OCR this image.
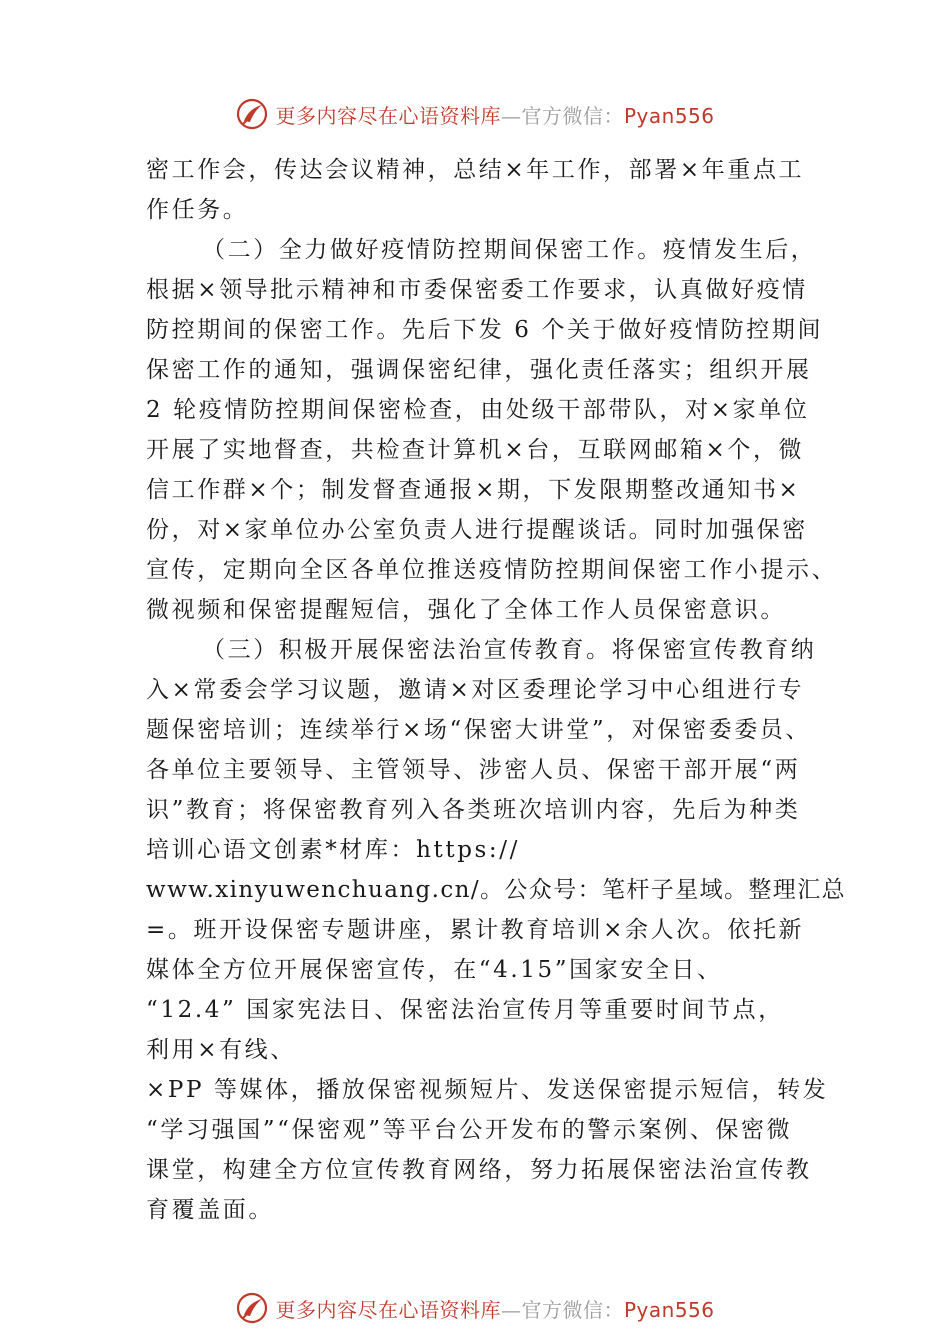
更多内容尽在心语资料库—官方微信：Pyan556
密工作会，传达会议精神，总结×年工作，部署×年重点工
作任务。
（二）全力做好疫情防控期间保密工作。疫情发生后，
根据×领导批示精神和市委保密委工作要求，认真做好疫情
防控期间的保密工作。先后下发 6 个关于做好疫情防控期间
保密工作的通知，强调保密纪律，强化责任落实；组织开展
2 轮疫情防控期间保密检查，由处级干部带队，对×家单位
开展了实地督查，共检查计算机×台，互联网邮箱×个，微
信工作群×个；制发督查通报×期，下发限期整改通知书×
份，对×家单位办公室负责人进行提醒谈话。同时加强保密
宣传，定期向全区各单位推送疫情防控期间保密工作小提示、
微视频和保密提醒短信，强化了全体工作人员保密意识。
（三）积极开展保密法治宣传教育。将保密宣传教育纳
入×常委会学习议题，邀请×对区委理论学习中心组进行专
题保密培训；连续举行×场“保密大讲堂”，对保密委委员、
各单位主要领导、主管领导、涉密人员、保密干部开展“两
识”教育；将保密教育列入各类班次培训内容，先后为种类
培训心语文创素*材库：https://
www.xinyuwenchuang.cn/。公众号：笔杆子星域。整理汇总
=。班开设保密专题讲座，累计教育培训×余人次。依托新
媒体全方位开展保密宣传，在“4.15”国家安全日、
“12.4” 国家宪法日、保密法治宣传月等重要时间节点，
利用×有线、
×PP 等媒体，播放保密视频短片、发送保密提示短信，转发
“学习强国”“保密观”等平台公开发布的警示案例、保密微
课堂，构建全方位宣传教育网络，努力拓展保密法治宣传教
育覆盖面。
更多内容尽在心语资料库—官方微信：Pyan556
